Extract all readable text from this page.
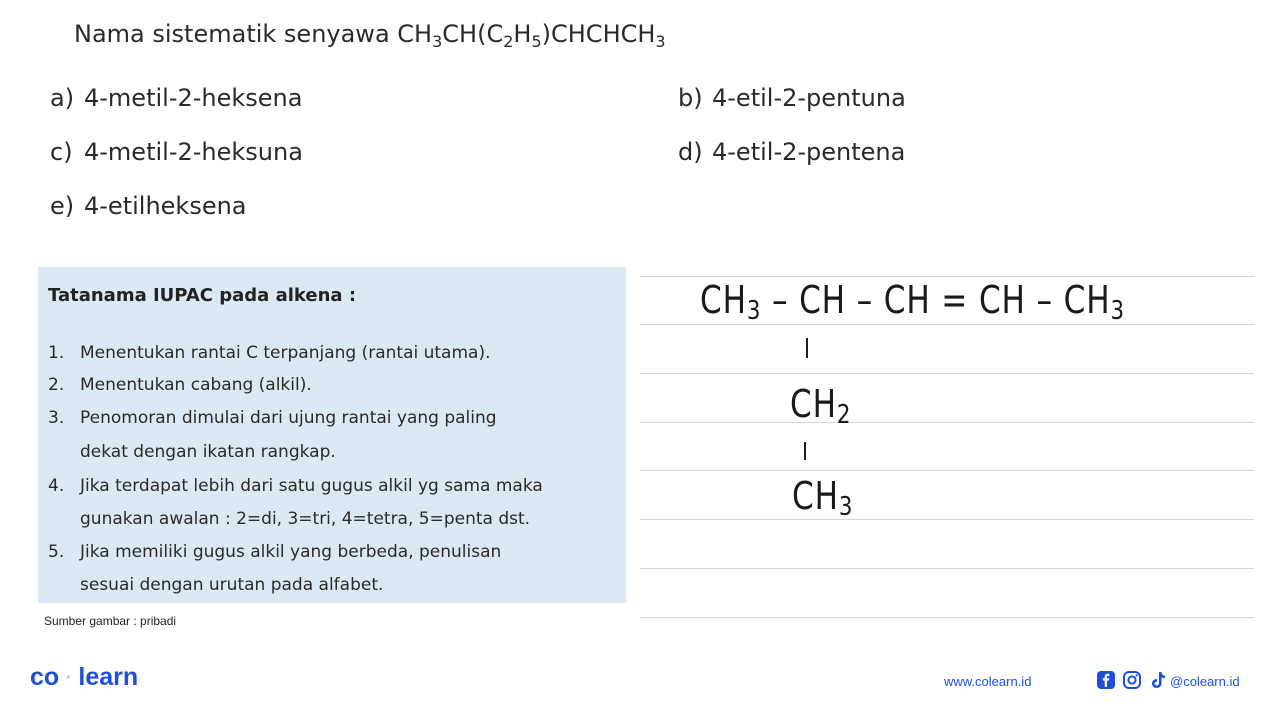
Nama sistematik senyawa $CH_3CH(C_2H_5)CHCHCH_3$
a) 4-metil-2-heksena	b) 4-etil-2-pentuna
c) 4-metil-2-heksuna	d) 4-etil-2-pentena
e) 4-etilheksena
Tatanama IUPAC pada alkena :
1. Menentukan rantai C terpanjang (rantai utama).
2. Menentukan cabang (alkil).
3. Penomoran dimulai dari ujung rantai yang paling
dekat dengan ikatan rangkap.
4. Jika terdapat lebih dari satu gugus alkil yg sama maka
gunakan awalan : 2=di, 3=tri, 4=tetra, 5=penta dst.
5. Jika memiliki gugus alkil yang berbeda, penulisan
sesuai dengan urutan pada alfabet.
Sumber gambar : pribadi
$CH_3$ – CH – CH = CH – $CH_3$
$CH_2$
$CH_3$
co · learn	www.colearn.id	@colearn.id
